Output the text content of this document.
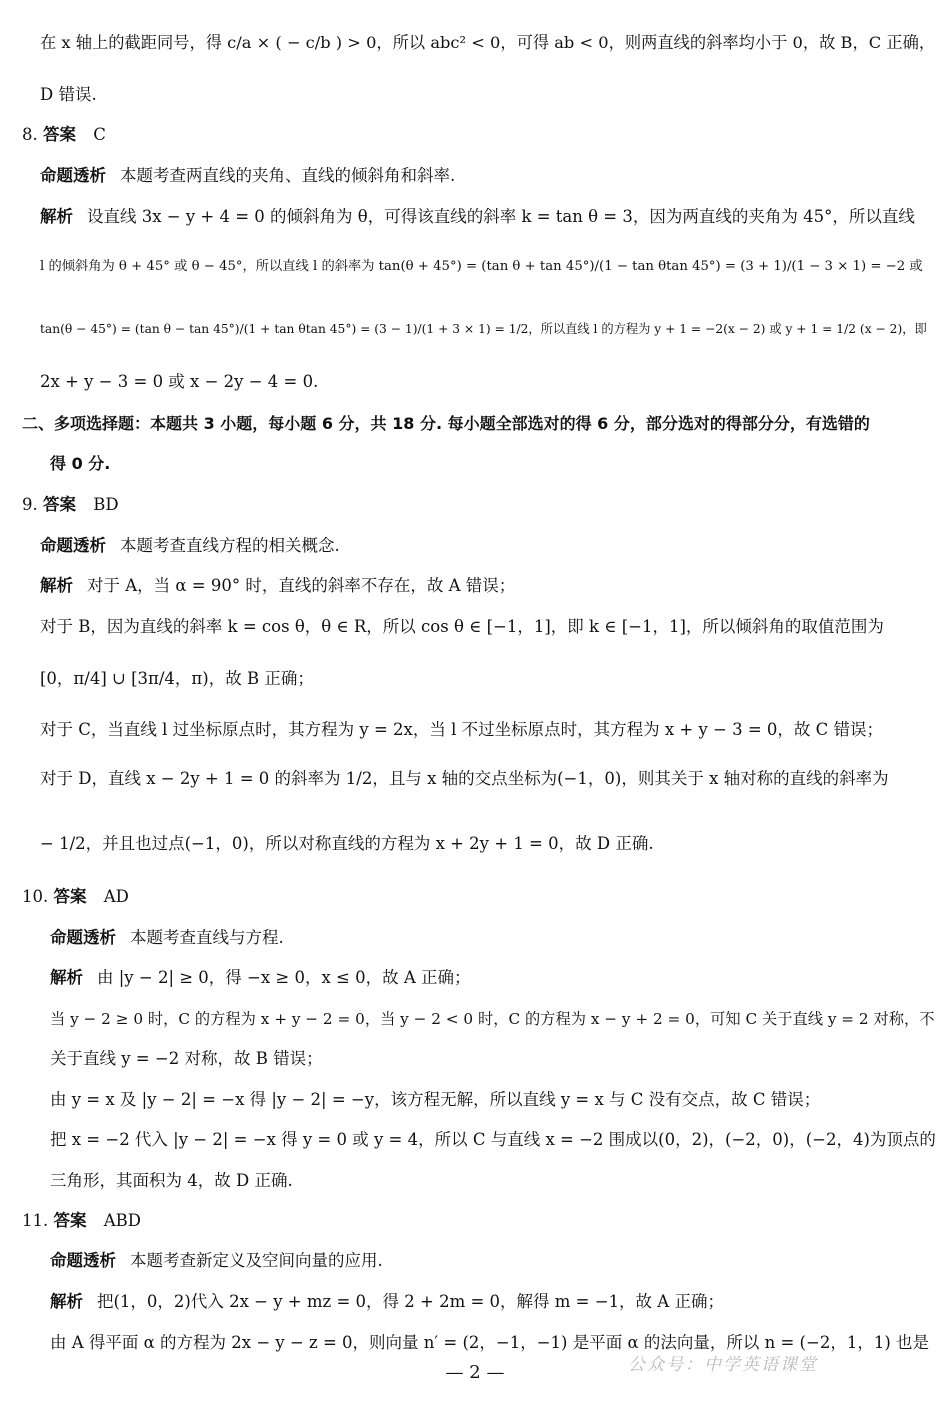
在 x 轴上的截距同号，得 c/a × ( − c/b ) > 0，所以 abc² < 0，可得 ab < 0，则两直线的斜率均小于 0，故 B，C 正确，
D 错误.
8. 答案 C
命题透析 本题考查两直线的夹角、直线的倾斜角和斜率.
解析 设直线 3x − y + 4 = 0 的倾斜角为 θ，可得该直线的斜率 k = tan θ = 3，因为两直线的夹角为 45°，所以直线
l 的倾斜角为 θ + 45° 或 θ − 45°，所以直线 l 的斜率为 tan(θ + 45°) = (tan θ + tan 45°)/(1 − tan θtan 45°) = (3 + 1)/(1 − 3 × 1) = −2 或
tan(θ − 45°) = (tan θ − tan 45°)/(1 + tan θtan 45°) = (3 − 1)/(1 + 3 × 1) = 1/2，所以直线 l 的方程为 y + 1 = −2(x − 2) 或 y + 1 = 1/2 (x − 2)，即
2x + y − 3 = 0 或 x − 2y − 4 = 0.
二、多项选择题：本题共 3 小题，每小题 6 分，共 18 分. 每小题全部选对的得 6 分，部分选对的得部分分，有选错的
得 0 分.
9. 答案 BD
命题透析 本题考查直线方程的相关概念.
解析 对于 A，当 α = 90° 时，直线的斜率不存在，故 A 错误；
对于 B，因为直线的斜率 k = cos θ，θ ∈ R，所以 cos θ ∈ [−1，1]，即 k ∈ [−1，1]，所以倾斜角的取值范围为
[0，π/4] ∪ [3π/4，π)，故 B 正确；
对于 C，当直线 l 过坐标原点时，其方程为 y = 2x，当 l 不过坐标原点时，其方程为 x + y − 3 = 0，故 C 错误；
对于 D，直线 x − 2y + 1 = 0 的斜率为 1/2，且与 x 轴的交点坐标为(−1，0)，则其关于 x 轴对称的直线的斜率为
− 1/2，并且也过点(−1，0)，所以对称直线的方程为 x + 2y + 1 = 0，故 D 正确.
10. 答案 AD
命题透析 本题考查直线与方程.
解析 由 |y − 2| ≥ 0，得 −x ≥ 0，x ≤ 0，故 A 正确；
当 y − 2 ≥ 0 时，C 的方程为 x + y − 2 = 0，当 y − 2 < 0 时，C 的方程为 x − y + 2 = 0，可知 C 关于直线 y = 2 对称，不
关于直线 y = −2 对称，故 B 错误；
由 y = x 及 |y − 2| = −x 得 |y − 2| = −y，该方程无解，所以直线 y = x 与 C 没有交点，故 C 错误；
把 x = −2 代入 |y − 2| = −x 得 y = 0 或 y = 4，所以 C 与直线 x = −2 围成以(0，2)，(−2，0)，(−2，4)为顶点的
三角形，其面积为 4，故 D 正确.
11. 答案 ABD
命题透析 本题考查新定义及空间向量的应用.
解析 把(1，0，2)代入 2x − y + mz = 0，得 2 + 2m = 0，解得 m = −1，故 A 正确；
由 A 得平面 α 的方程为 2x − y − z = 0，则向量 n′ = (2，−1，−1) 是平面 α 的法向量，所以 n = (−2，1，1) 也是
公众号：中学英语课堂
— 2 —
